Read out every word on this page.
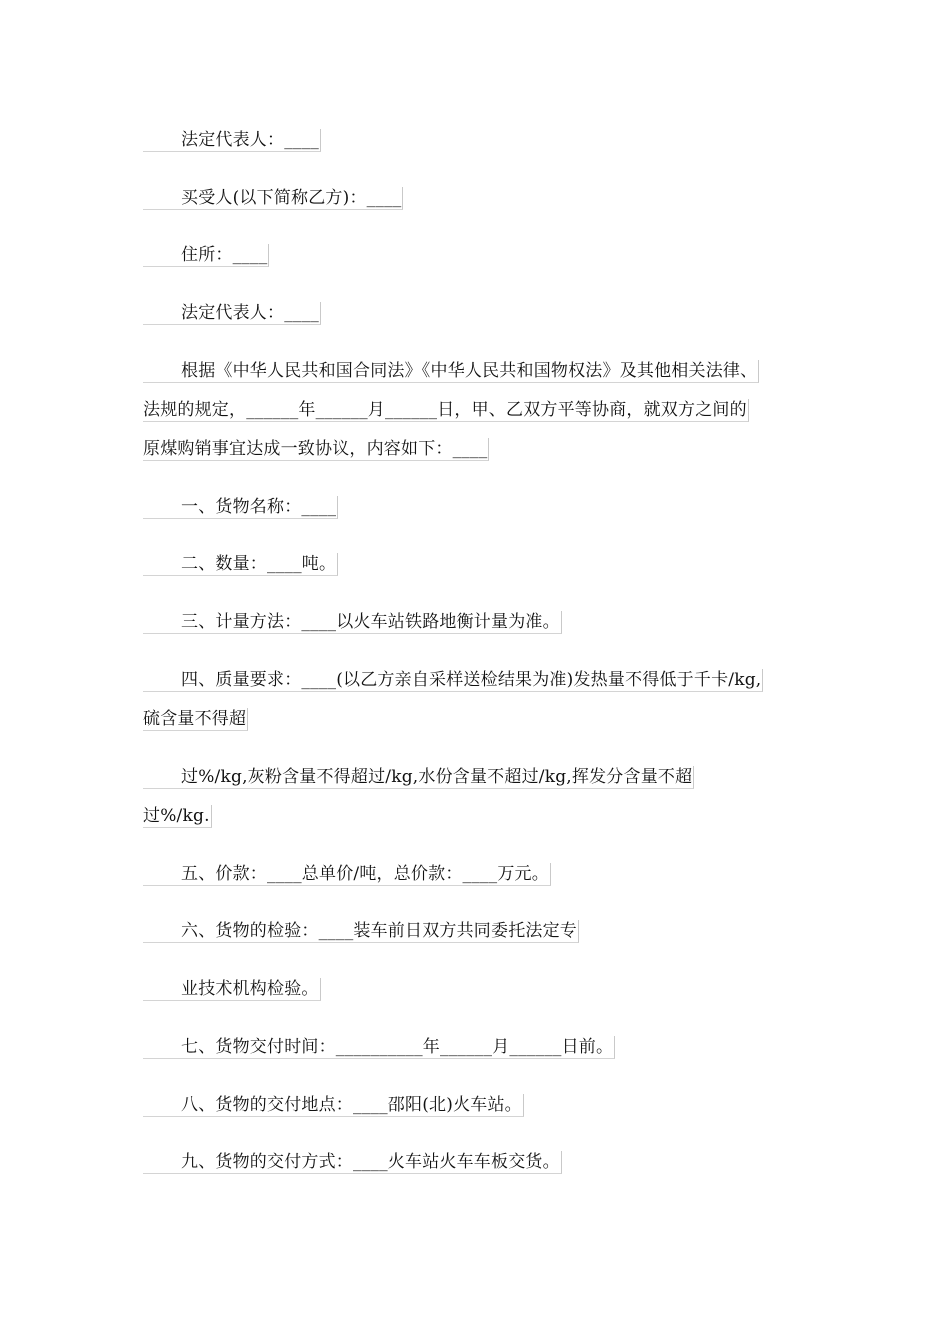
法定代表人：____
买受人(以下简称乙方)：____
住所：____
法定代表人：____
根据《中华人民共和国合同法》《中华人民共和国物权法》及其他相关法律、
法规的规定，______年______月______日，甲、乙双方平等协商，就双方之间的
原煤购销事宜达成一致协议，内容如下：____
一、货物名称：____
二、数量：____吨。
三、计量方法：____以火车站铁路地衡计量为准。
四、质量要求：____(以乙方亲自采样送检结果为准)发热量不得低于千卡/kg,
硫含量不得超
过%/kg,灰粉含量不得超过/kg,水份含量不超过/kg,挥发分含量不超
过%/kg.
五、价款：____总单价/吨，总价款：____万元。
六、货物的检验：____装车前日双方共同委托法定专
业技术机构检验。
七、货物交付时间：__________年______月______日前。
八、货物的交付地点：____邵阳(北)火车站。
九、货物的交付方式：____火车站火车车板交货。
